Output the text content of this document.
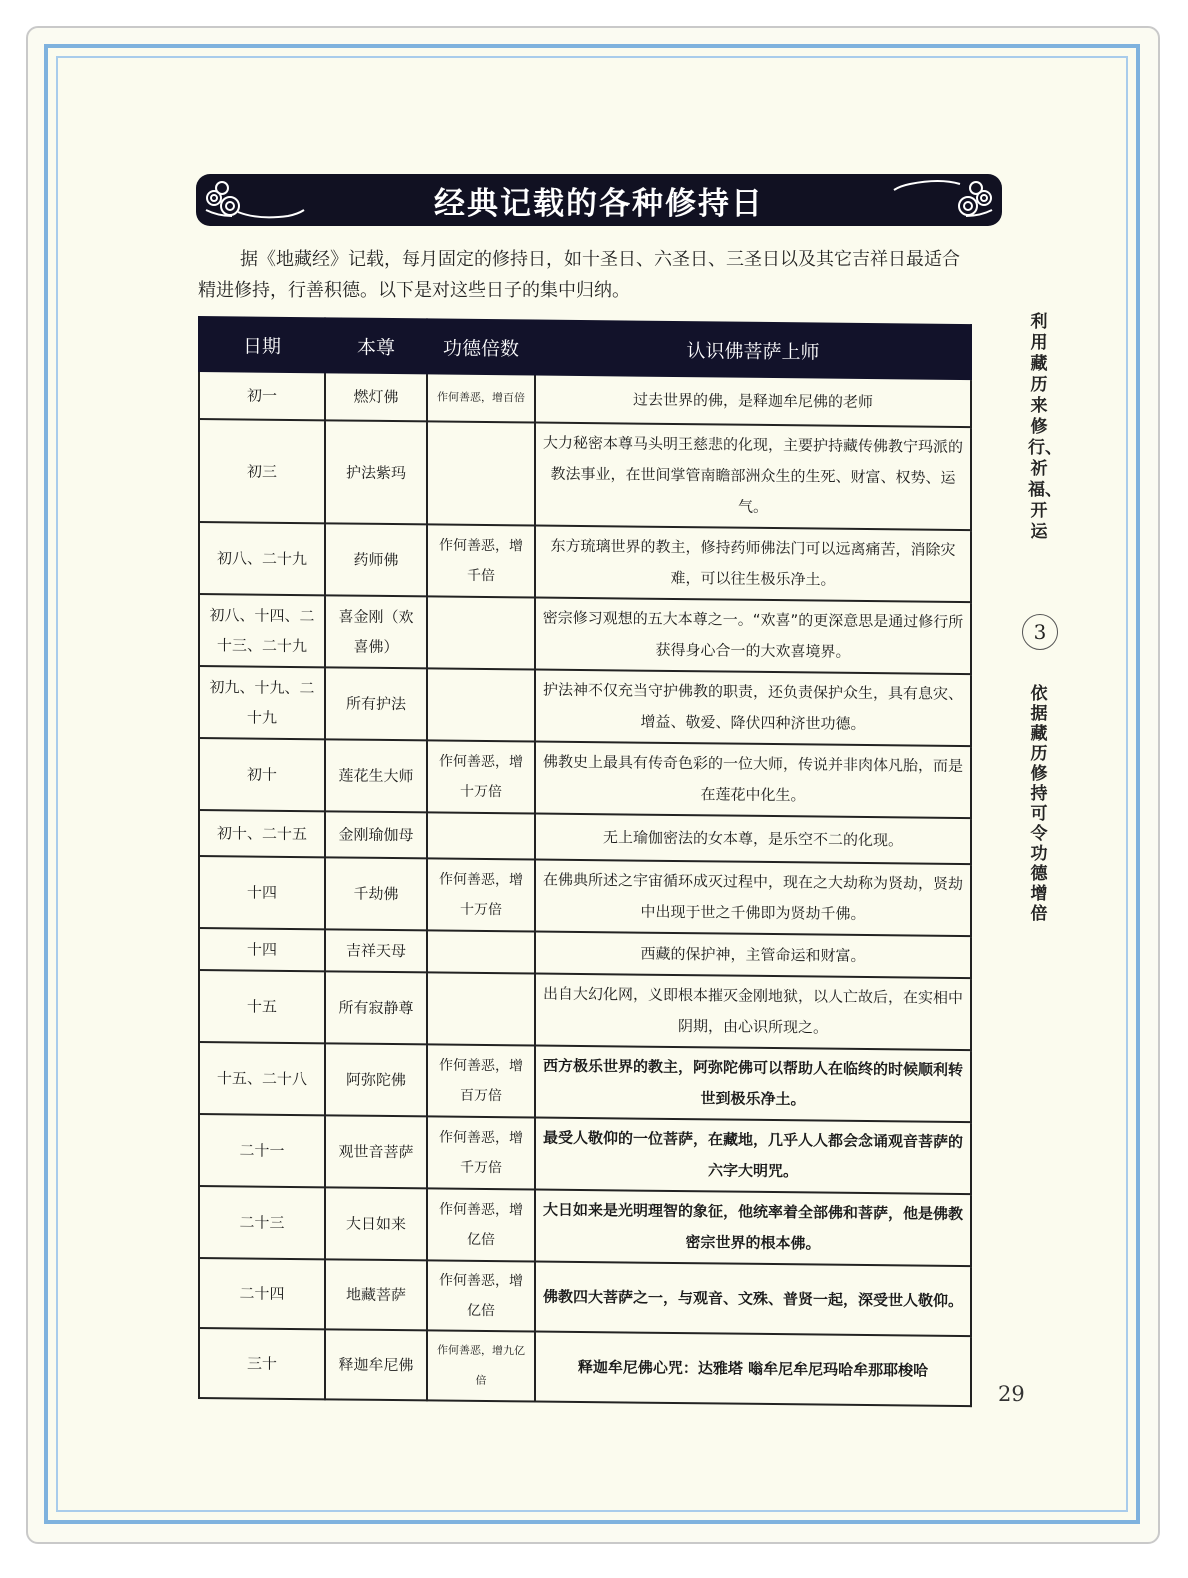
经典记载的各种修持日

据《地藏经》记载，每月固定的修持日，如十圣日、六圣日、三圣日以及其它吉祥日最适合精进修持，行善积德。以下是对这些日子的集中归纳。

日期	本尊	功德倍数	认识佛菩萨上师
初一	燃灯佛	作何善恶，增百倍	过去世界的佛，是释迦牟尼佛的老师
初三	护法紫玛		大力秘密本尊马头明王慈悲的化现，主要护持藏传佛教宁玛派的教法事业，在世间掌管南瞻部洲众生的生死、财富、权势、运气。
初八、二十九	药师佛	作何善恶，增千倍	东方琉璃世界的教主，修持药师佛法门可以远离痛苦，消除灾难，可以往生极乐净土。
初八、十四、二十三、二十九	喜金刚（欢喜佛）		密宗修习观想的五大本尊之一。“欢喜”的更深意思是通过修行所获得身心合一的大欢喜境界。
初九、十九、二十九	所有护法		护法神不仅充当守护佛教的职责，还负责保护众生，具有息灾、增益、敬爱、降伏四种济世功德。
初十	莲花生大师	作何善恶，增十万倍	佛教史上最具有传奇色彩的一位大师，传说并非肉体凡胎，而是在莲花中化生。
初十、二十五	金刚瑜伽母		无上瑜伽密法的女本尊，是乐空不二的化现。
十四	千劫佛	作何善恶，增十万倍	在佛典所述之宇宙循环成灭过程中，现在之大劫称为贤劫，贤劫中出现于世之千佛即为贤劫千佛。
十四	吉祥天母		西藏的保护神，主管命运和财富。
十五	所有寂静尊		出自大幻化网，义即根本摧灭金刚地狱，以人亡故后，在实相中阴期，由心识所现之。
十五、二十八	阿弥陀佛	作何善恶，增百万倍	西方极乐世界的教主，阿弥陀佛可以帮助人在临终的时候顺利转世到极乐净土。
二十一	观世音菩萨	作何善恶，增千万倍	最受人敬仰的一位菩萨，在藏地，几乎人人都会念诵观音菩萨的六字大明咒。
二十三	大日如来	作何善恶，增亿倍	大日如来是光明理智的象征，他统率着全部佛和菩萨，他是佛教密宗世界的根本佛。
二十四	地藏菩萨	作何善恶，增亿倍	佛教四大菩萨之一，与观音、文殊、普贤一起，深受世人敬仰。
三十	释迦牟尼佛	作何善恶，增九亿倍	释迦牟尼佛心咒：达雅塔 嗡牟尼牟尼玛哈牟那耶梭哈
利用藏历来修行、祈福、开运
3
依据藏历修持可令功德增倍
29
